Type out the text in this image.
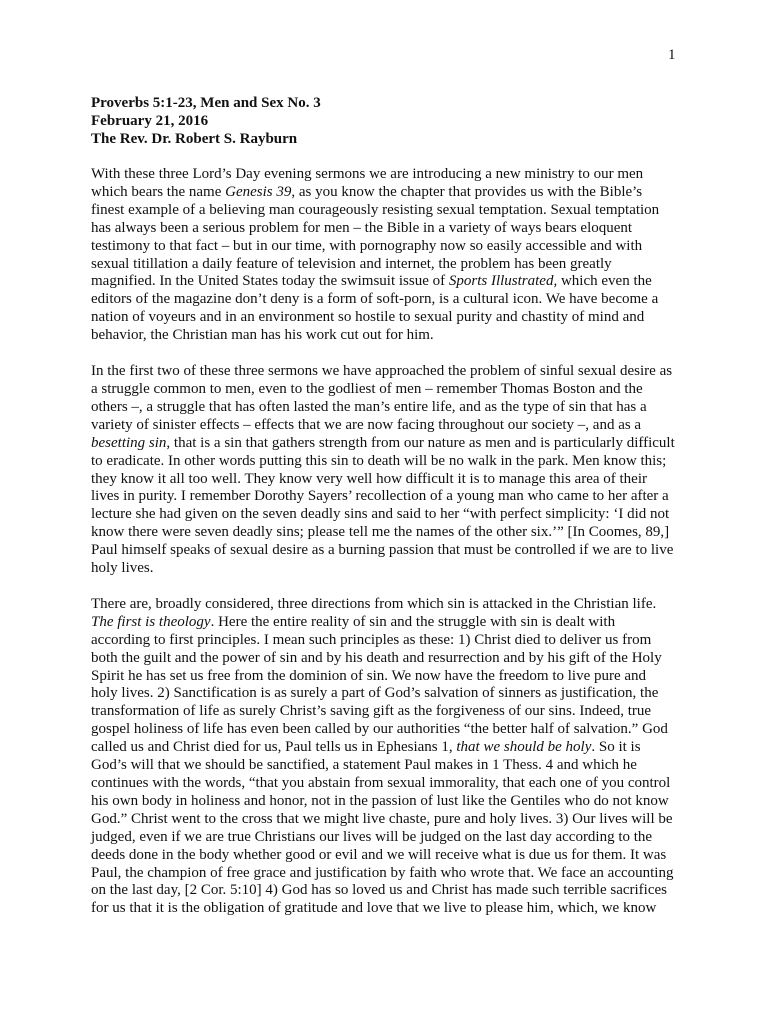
1
Proverbs 5:1-23, Men and Sex No. 3
February 21, 2016
The Rev. Dr. Robert S. Rayburn
With these three Lord’s Day evening sermons we are introducing a new ministry to our men
which bears the name Genesis 39, as you know the chapter that provides us with the Bible’s
finest example of a believing man courageously resisting sexual temptation. Sexual temptation
has always been a serious problem for men – the Bible in a variety of ways bears eloquent
testimony to that fact – but in our time, with pornography now so easily accessible and with
sexual titillation a daily feature of television and internet, the problem has been greatly
magnified. In the United States today the swimsuit issue of Sports Illustrated, which even the
editors of the magazine don’t deny is a form of soft-porn, is a cultural icon. We have become a
nation of voyeurs and in an environment so hostile to sexual purity and chastity of mind and
behavior, the Christian man has his work cut out for him.
In the first two of these three sermons we have approached the problem of sinful sexual desire as
a struggle common to men, even to the godliest of men – remember Thomas Boston and the
others –, a struggle that has often lasted the man’s entire life, and as the type of sin that has a
variety of sinister effects – effects that we are now facing throughout our society –, and as a
besetting sin, that is a sin that gathers strength from our nature as men and is particularly difficult
to eradicate. In other words putting this sin to death will be no walk in the park. Men know this;
they know it all too well. They know very well how difficult it is to manage this area of their
lives in purity. I remember Dorothy Sayers’ recollection of a young man who came to her after a
lecture she had given on the seven deadly sins and said to her “with perfect simplicity: ‘I did not
know there were seven deadly sins; please tell me the names of the other six.’” [In Coomes, 89,]
Paul himself speaks of sexual desire as a burning passion that must be controlled if we are to live
holy lives.
There are, broadly considered, three directions from which sin is attacked in the Christian life.
The first is theology. Here the entire reality of sin and the struggle with sin is dealt with
according to first principles. I mean such principles as these: 1) Christ died to deliver us from
both the guilt and the power of sin and by his death and resurrection and by his gift of the Holy
Spirit he has set us free from the dominion of sin. We now have the freedom to live pure and
holy lives. 2) Sanctification is as surely a part of God’s salvation of sinners as justification, the
transformation of life as surely Christ’s saving gift as the forgiveness of our sins. Indeed, true
gospel holiness of life has even been called by our authorities “the better half of salvation.” God
called us and Christ died for us, Paul tells us in Ephesians 1, that we should be holy. So it is
God’s will that we should be sanctified, a statement Paul makes in 1 Thess. 4 and which he
continues with the words, “that you abstain from sexual immorality, that each one of you control
his own body in holiness and honor, not in the passion of lust like the Gentiles who do not know
God.” Christ went to the cross that we might live chaste, pure and holy lives. 3) Our lives will be
judged, even if we are true Christians our lives will be judged on the last day according to the
deeds done in the body whether good or evil and we will receive what is due us for them. It was
Paul, the champion of free grace and justification by faith who wrote that. We face an accounting
on the last day, [2 Cor. 5:10] 4) God has so loved us and Christ has made such terrible sacrifices
for us that it is the obligation of gratitude and love that we live to please him, which, we know
